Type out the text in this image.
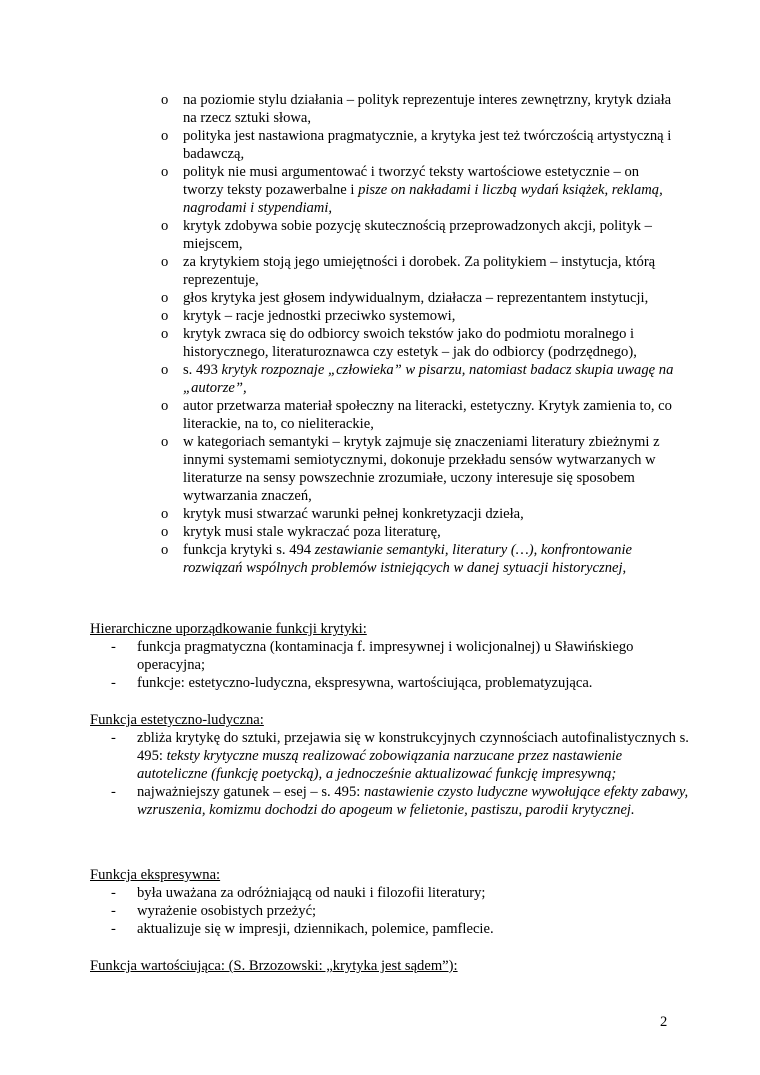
o na poziomie stylu działania – polityk reprezentuje interes zewnętrzny, krytyk działa na rzecz sztuki słowa,
o polityka jest nastawiona pragmatycznie, a krytyka jest też twórczością artystyczną i badawczą,
o polityk nie musi argumentować i tworzyć teksty wartościowe estetycznie – on tworzy teksty pozawerbalne i pisze on nakładami i liczbą wydań książek, reklamą, nagrodami i stypendiami,
o krytyk zdobywa sobie pozycję skutecznością przeprowadzonych akcji, polityk – miejscem,
o za krytykiem stoją jego umiejętności i dorobek. Za politykiem – instytucja, którą reprezentuje,
o głos krytyka jest głosem indywidualnym, działacza – reprezentantem instytucji,
o krytyk – racje jednostki przeciwko systemowi,
o krytyk zwraca się do odbiorcy swoich tekstów jako do podmiotu moralnego i historycznego, literaturoznawca czy estetyk – jak do odbiorcy (podrzędnego),
o s. 493 krytyk rozpoznaje „człowieka” w pisarzu, natomiast badacz skupia uwagę na „autorze”,
o autor przetwarza materiał społeczny na literacki, estetyczny. Krytyk zamienia to, co literackie, na to, co nieliterackie,
o w kategoriach semantyki – krytyk zajmuje się znaczeniami literatury zbieżnymi z innymi systemami semiotycznymi, dokonuje przekładu sensów wytwarzanych w literaturze na sensy powszechnie zrozumiałe, uczony interesuje się sposobem wytwarzania znaczeń,
o krytyk musi stwarzać warunki pełnej konkretyzacji dzieła,
o krytyk musi stale wykraczać poza literaturę,
o funkcja krytyki s. 494 zestawianie semantyki, literatury (…), konfrontowanie rozwiązań wspólnych problemów istniejących w danej sytuacji historycznej,
Hierarchiczne uporządkowanie funkcji krytyki:
- funkcja pragmatyczna (kontaminacja f. impresywnej i wolicjonalnej) u Sławińskiego operacyjna;
- funkcje: estetyczno-ludyczna, ekspresywna, wartościująca, problematyzująca.
Funkcja estetyczno-ludyczna:
- zbliża krytykę do sztuki, przejawia się w konstrukcyjnych czynnościach autofinalistycznych s. 495: teksty krytyczne muszą realizować zobowiązania narzucane przez nastawienie autoteliczne (funkcję poetycką), a jednocześnie aktualizować funkcję impresywną;
- najważniejszy gatunek – esej – s. 495: nastawienie czysto ludyczne wywołujące efekty zabawy, wzruszenia, komizmu dochodzi do apogeum w felietonie, pastiszu, parodii krytycznej.
Funkcja ekspresywna:
- była uważana za odróżniającą od nauki i filozofii literatury;
- wyrażenie osobistych przeżyć;
- aktualizuje się w impresji, dziennikach, polemice, pamflecie.
Funkcja wartościująca: (S. Brzozowski: „krytyka jest sądem”):
2
